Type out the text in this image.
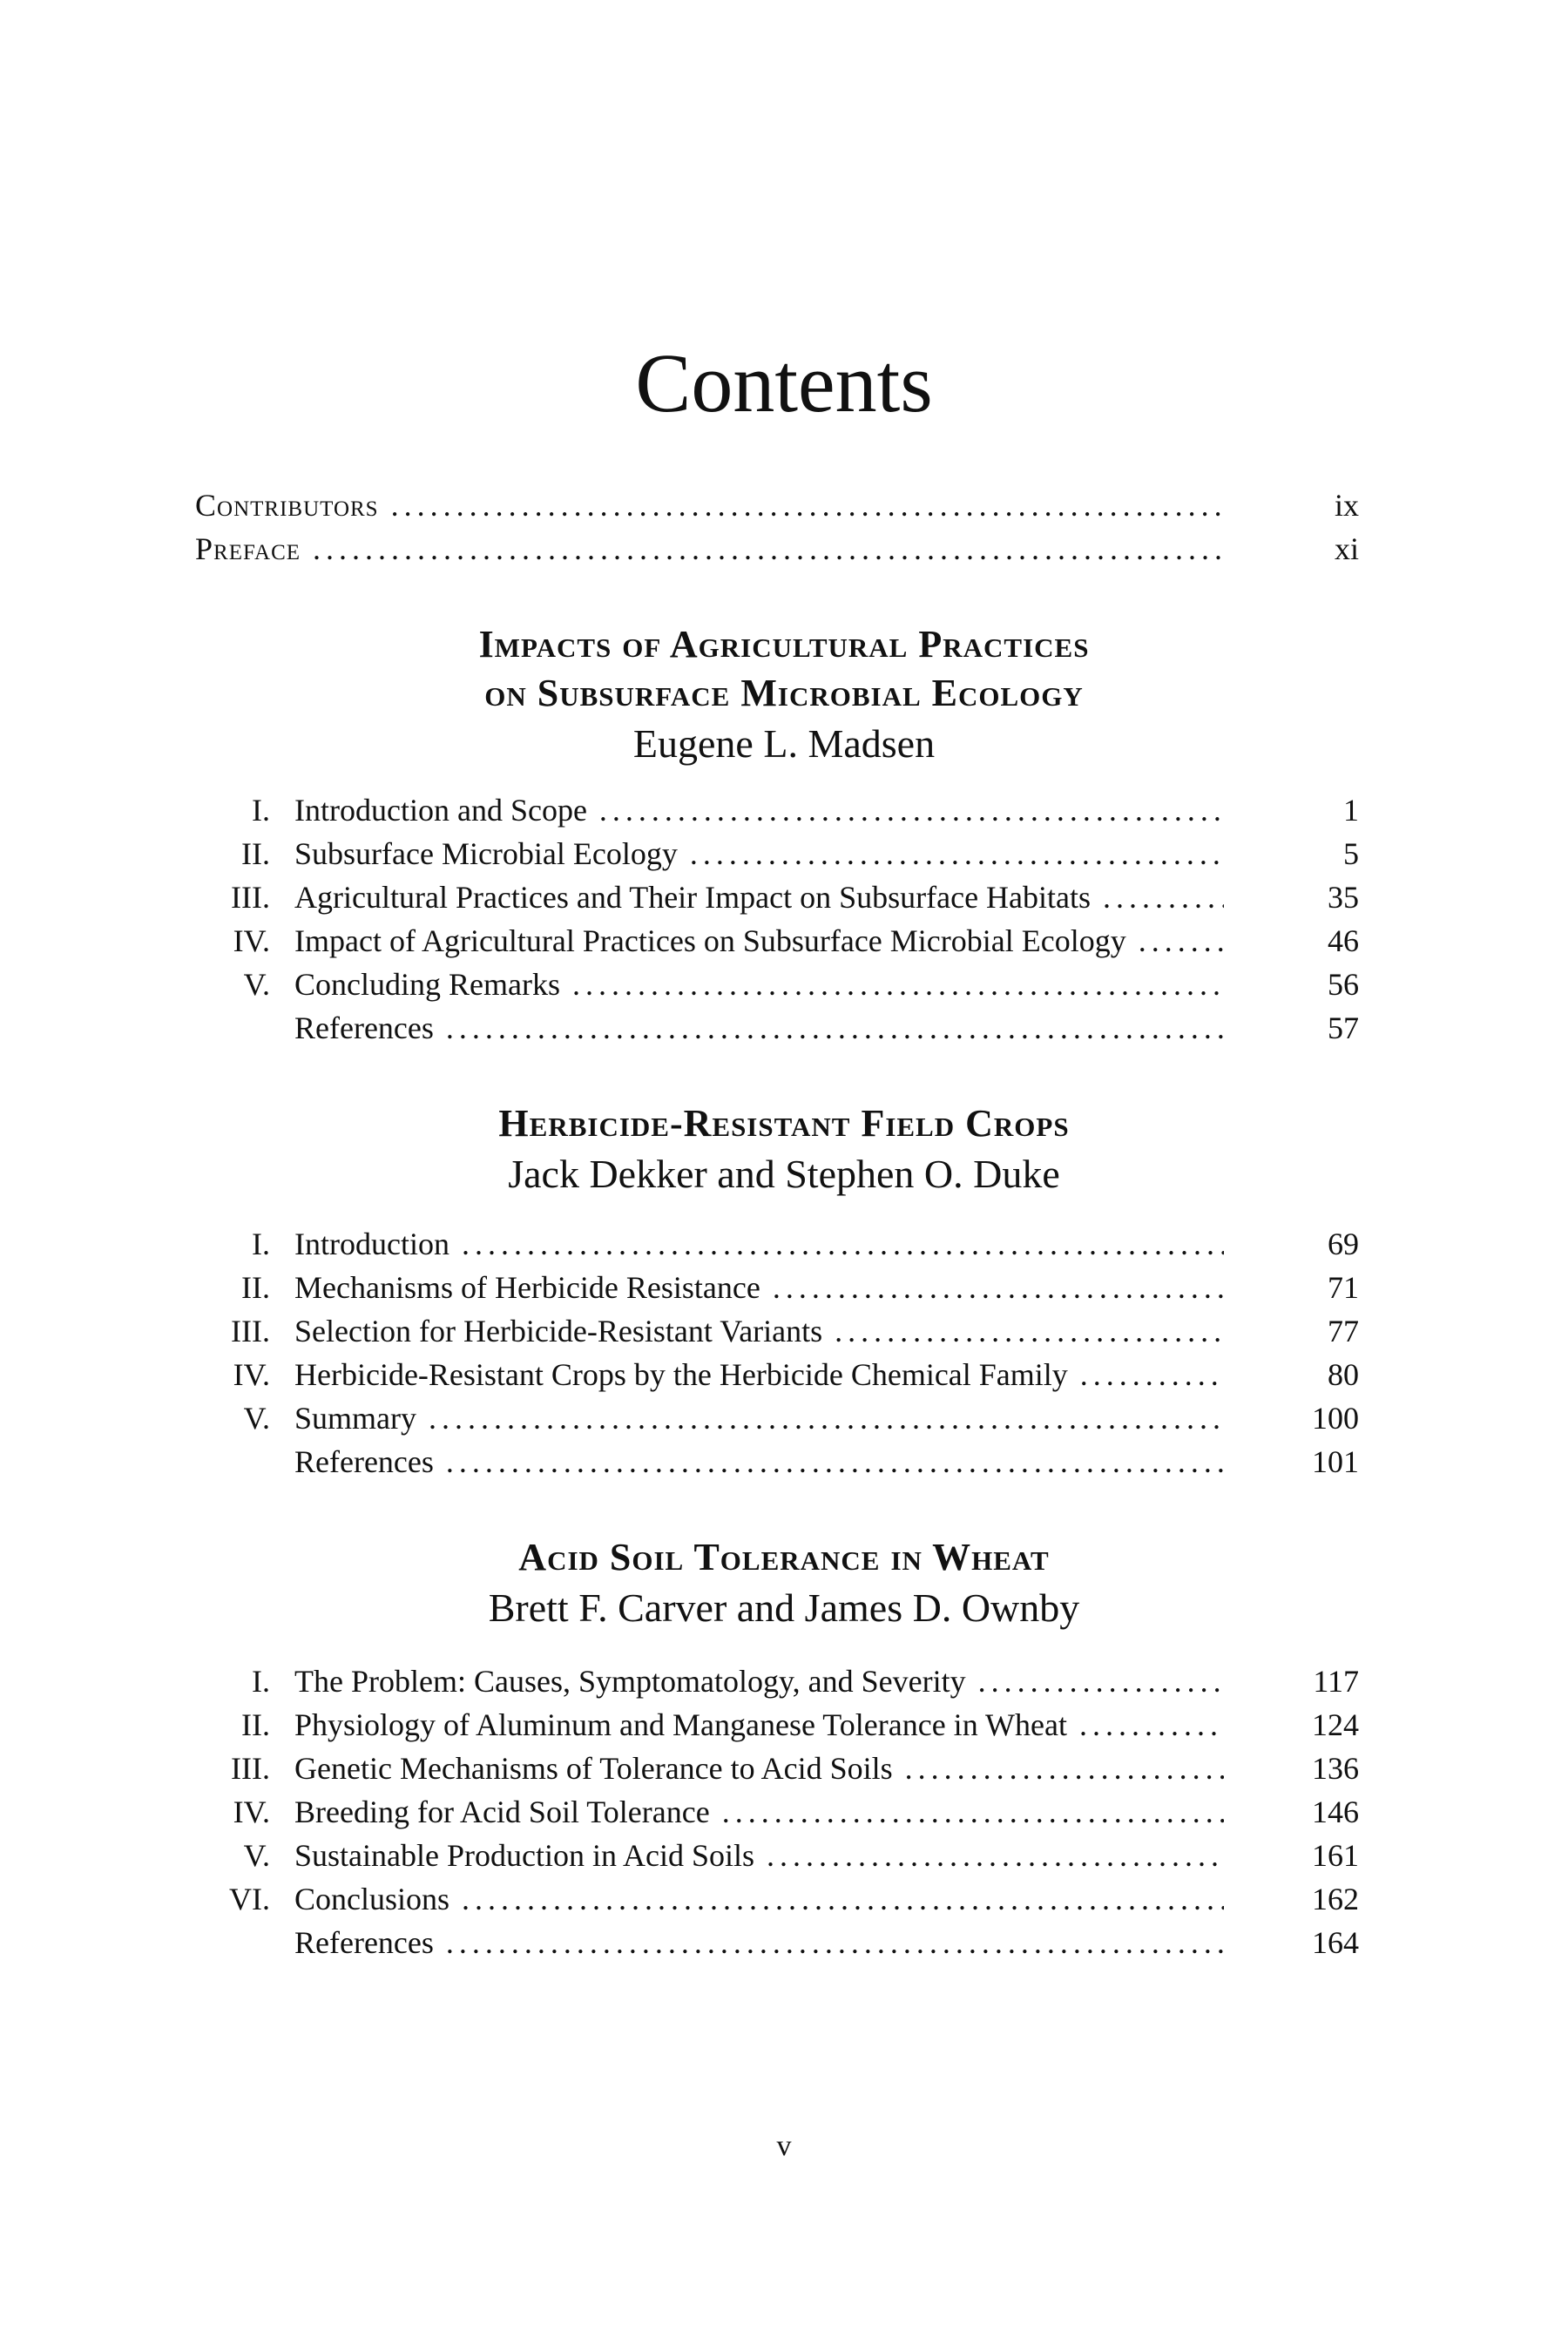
Contents
Contributors .....	ix
Preface .....	xi
Impacts of Agricultural Practices
on Subsurface Microbial Ecology
Eugene L. Madsen
I. Introduction and Scope .....	1
II. Subsurface Microbial Ecology .....	5
III. Agricultural Practices and Their Impact on Subsurface Habitats .....	35
IV. Impact of Agricultural Practices on Subsurface Microbial Ecology .....	46
V. Concluding Remarks .....	56
References .....	57
Herbicide-Resistant Field Crops
Jack Dekker and Stephen O. Duke
I. Introduction .....	69
II. Mechanisms of Herbicide Resistance .....	71
III. Selection for Herbicide-Resistant Variants .....	77
IV. Herbicide-Resistant Crops by the Herbicide Chemical Family .....	80
V. Summary .....	100
References .....	101
Acid Soil Tolerance in Wheat
Brett F. Carver and James D. Ownby
I. The Problem: Causes, Symptomatology, and Severity .....	117
II. Physiology of Aluminum and Manganese Tolerance in Wheat .....	124
III. Genetic Mechanisms of Tolerance to Acid Soils .....	136
IV. Breeding for Acid Soil Tolerance .....	146
V. Sustainable Production in Acid Soils .....	161
VI. Conclusions .....	162
References .....	164
v
